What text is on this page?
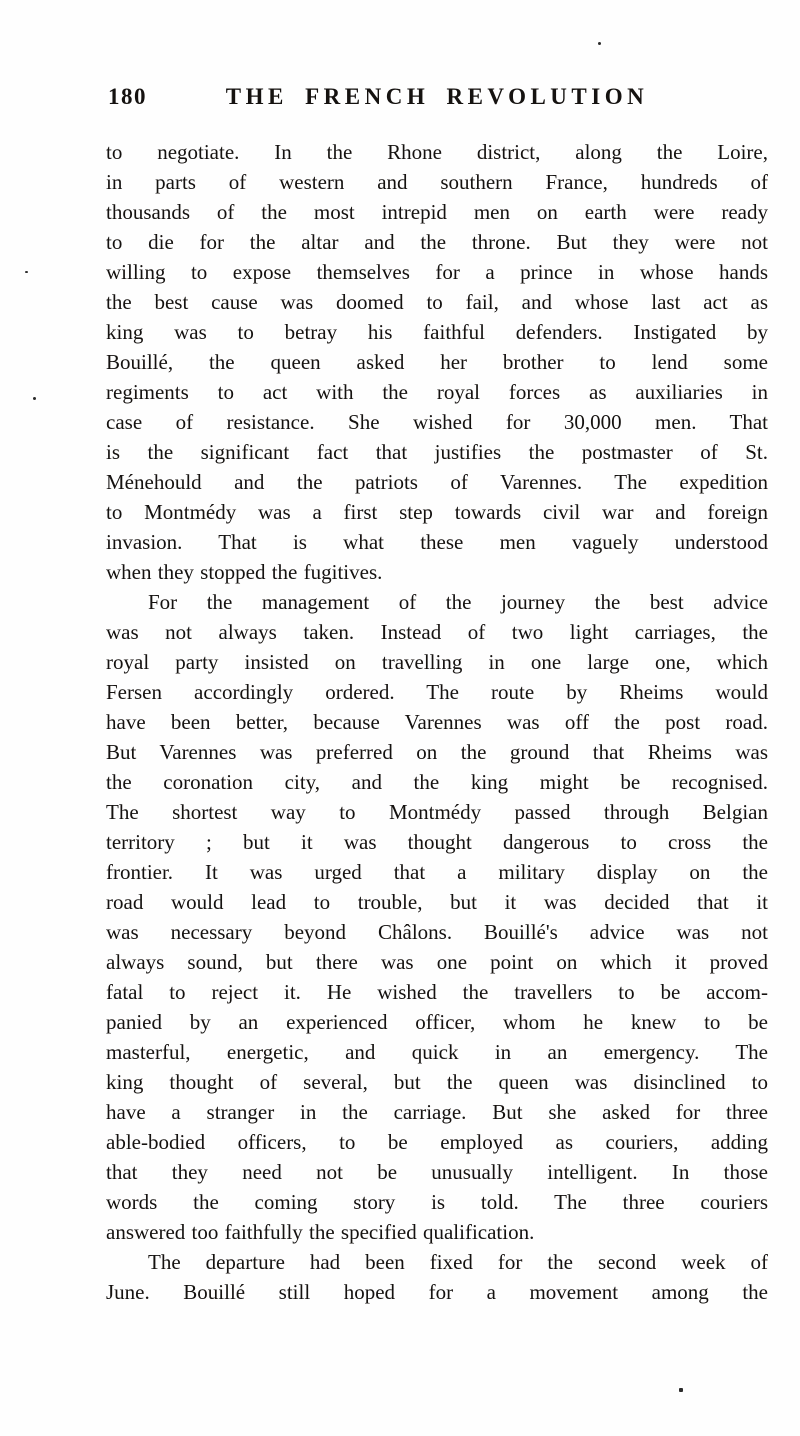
180	THE FRENCH REVOLUTION
to negotiate. In the Rhone district, along the Loire,
in parts of western and southern France, hundreds of
thousands of the most intrepid men on earth were ready
to die for the altar and the throne. But they were not
willing to expose themselves for a prince in whose hands
the best cause was doomed to fail, and whose last act as
king was to betray his faithful defenders. Instigated by
Bouillé, the queen asked her brother to lend some
regiments to act with the royal forces as auxiliaries in
case of resistance. She wished for 30,000 men. That
is the significant fact that justifies the postmaster of St.
Ménehould and the patriots of Varennes. The expedition
to Montmédy was a first step towards civil war and foreign
invasion. That is what these men vaguely understood
when they stopped the fugitives.
For the management of the journey the best advice
was not always taken. Instead of two light carriages, the
royal party insisted on travelling in one large one, which
Fersen accordingly ordered. The route by Rheims would
have been better, because Varennes was off the post road.
But Varennes was preferred on the ground that Rheims was
the coronation city, and the king might be recognised.
The shortest way to Montmédy passed through Belgian
territory ; but it was thought dangerous to cross the
frontier. It was urged that a military display on the
road would lead to trouble, but it was decided that it
was necessary beyond Châlons. Bouillé's advice was not
always sound, but there was one point on which it proved
fatal to reject it. He wished the travellers to be accom-
panied by an experienced officer, whom he knew to be
masterful, energetic, and quick in an emergency. The
king thought of several, but the queen was disinclined to
have a stranger in the carriage. But she asked for three
able-bodied officers, to be employed as couriers, adding
that they need not be unusually intelligent. In those
words the coming story is told. The three couriers
answered too faithfully the specified qualification.
The departure had been fixed for the second week of
June. Bouillé still hoped for a movement among the
